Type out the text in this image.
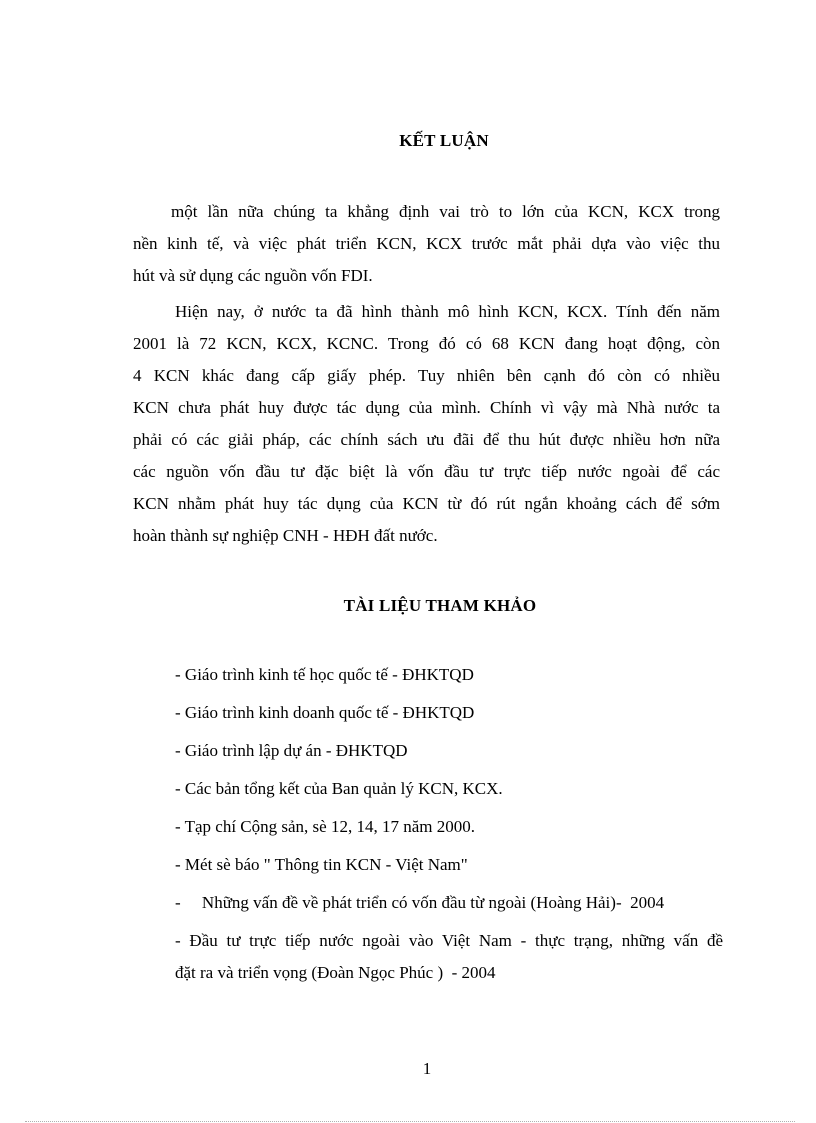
KẾT LUẬN
một lần nữa chúng ta khẳng định vai trò to lớn của KCN, KCX trong
nền kinh tế, và việc phát triển KCN, KCX trước mắt phải dựa vào việc thu
hút và sử dụng các nguồn vốn FDI.
Hiện nay, ở nước ta đã hình thành mô hình KCN, KCX. Tính đến năm
2001 là 72 KCN, KCX, KCNC. Trong đó có 68 KCN đang hoạt động, còn
4 KCN khác đang cấp giấy phép. Tuy nhiên bên cạnh đó còn có nhiều
KCN chưa phát huy được tác dụng của mình. Chính vì vậy mà Nhà nước ta
phải có các giải pháp, các chính sách ưu đãi để thu hút được nhiều hơn nữa
các nguồn vốn đầu tư đặc biệt là vốn đầu tư trực tiếp nước ngoài để các
KCN nhằm phát huy tác dụng của KCN từ đó rút ngắn khoảng cách để sớm
hoàn thành sự nghiệp CNH - HĐH đất nước.
TÀI LIỆU THAM KHẢO
- Giáo trình kinh tế học quốc tế - ĐHKTQD
- Giáo trình kinh doanh quốc tế - ĐHKTQD
- Giáo trình lập dự án - ĐHKTQD
- Các bản tổng kết của Ban quản lý KCN, KCX.
- Tạp chí Cộng sản, sè 12, 14, 17 năm 2000.
- Mét sè báo " Thông tin KCN - Việt Nam"
-     Những vấn đề về phát triển có vốn đầu từ ngoài (Hoàng Hải)-  2004
- Đầu tư trực tiếp nước ngoài vào Việt Nam - thực trạng, những vấn đề
đặt ra và triển vọng (Đoàn Ngọc Phúc )  - 2004
1
